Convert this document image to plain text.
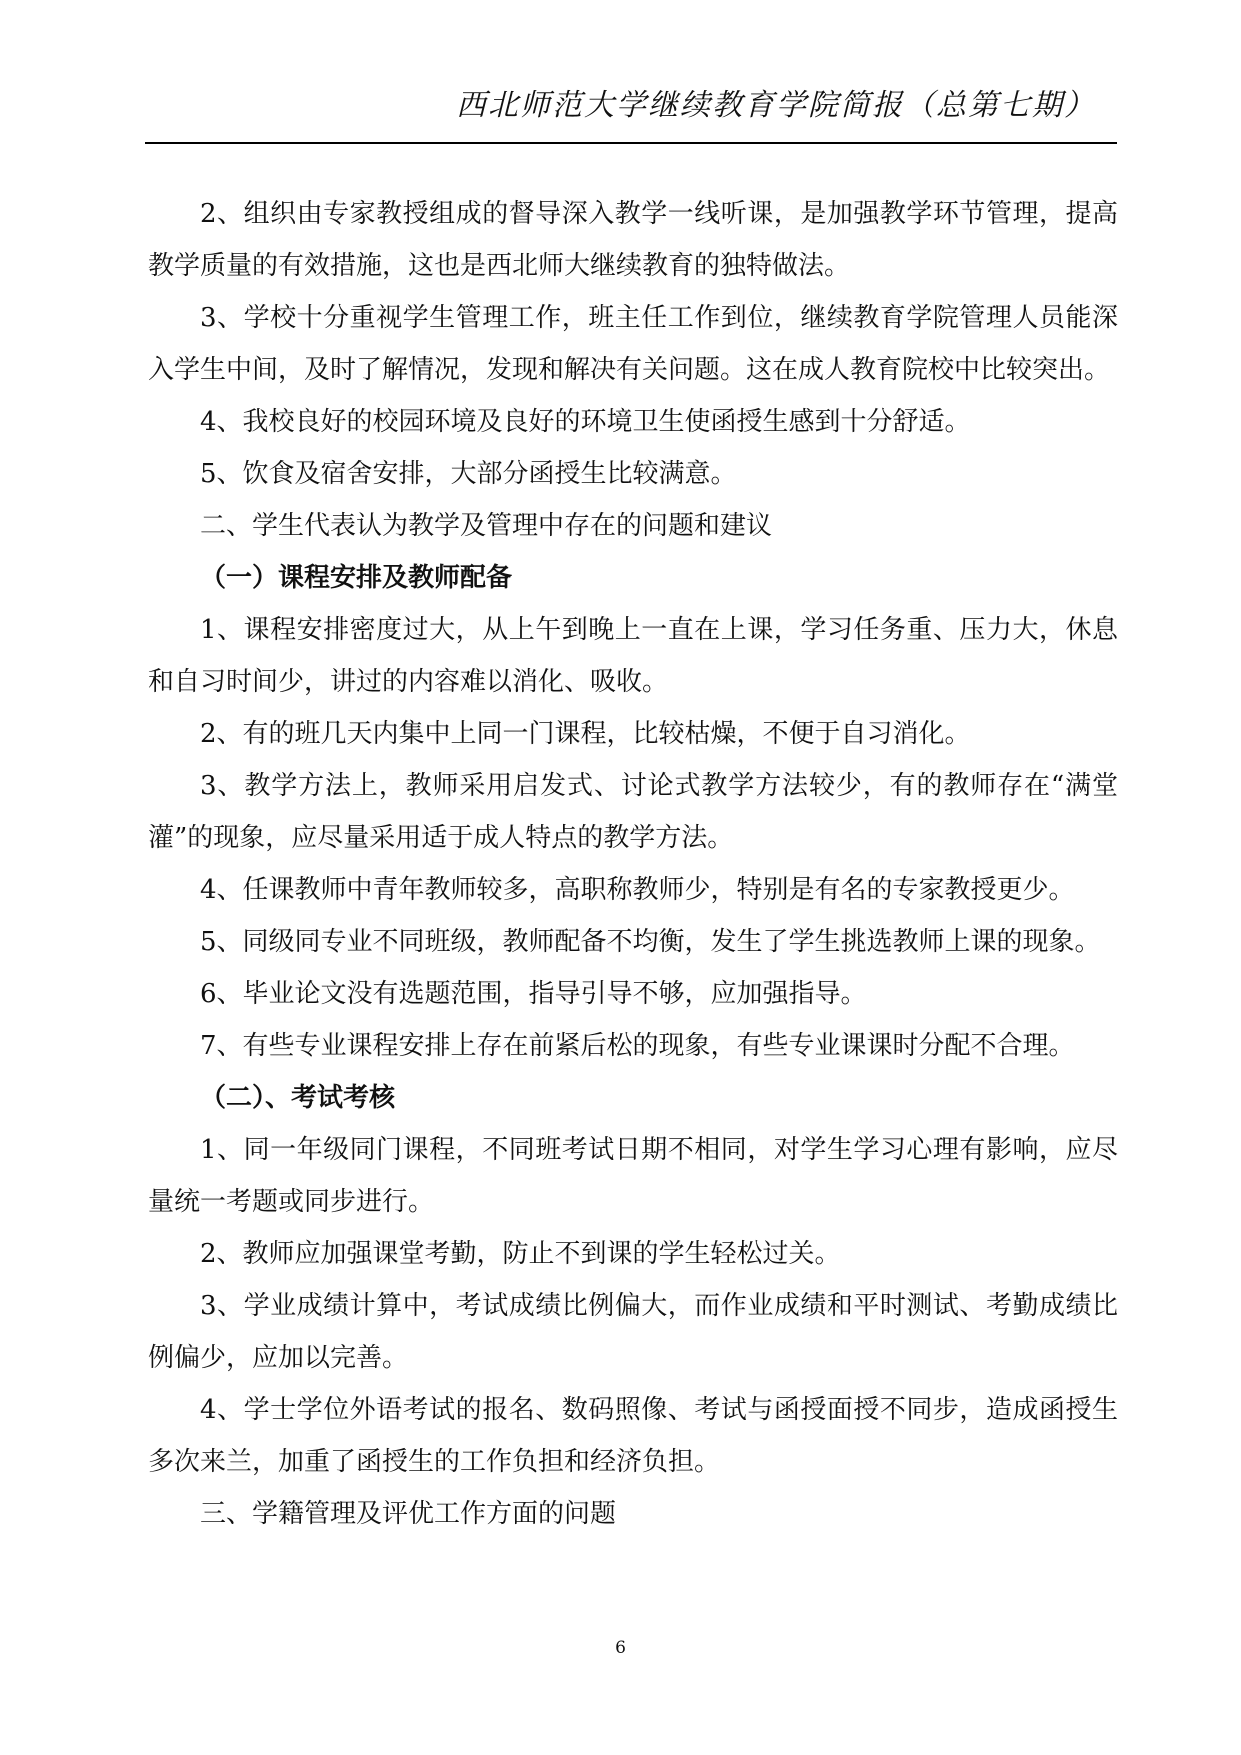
西北师范大学继续教育学院简报（总第七期）

2、组织由专家教授组成的督导深入教学一线听课，是加强教学环节管理，提高教学质量的有效措施，这也是西北师大继续教育的独特做法。

3、学校十分重视学生管理工作，班主任工作到位，继续教育学院管理人员能深入学生中间，及时了解情况，发现和解决有关问题。这在成人教育院校中比较突出。

4、我校良好的校园环境及良好的环境卫生使函授生感到十分舒适。

5、饮食及宿舍安排，大部分函授生比较满意。

二、学生代表认为教学及管理中存在的问题和建议

（一）课程安排及教师配备

1、课程安排密度过大，从上午到晚上一直在上课，学习任务重、压力大，休息和自习时间少，讲过的内容难以消化、吸收。

2、有的班几天内集中上同一门课程，比较枯燥，不便于自习消化。

3、教学方法上，教师采用启发式、讨论式教学方法较少，有的教师存在“满堂灌”的现象，应尽量采用适于成人特点的教学方法。

4、任课教师中青年教师较多，高职称教师少，特别是有名的专家教授更少。

5、同级同专业不同班级，教师配备不均衡，发生了学生挑选教师上课的现象。

6、毕业论文没有选题范围，指导引导不够，应加强指导。

7、有些专业课程安排上存在前紧后松的现象，有些专业课课时分配不合理。

（二）、考试考核

1、同一年级同门课程，不同班考试日期不相同，对学生学习心理有影响，应尽量统一考题或同步进行。

2、教师应加强课堂考勤，防止不到课的学生轻松过关。

3、学业成绩计算中，考试成绩比例偏大，而作业成绩和平时测试、考勤成绩比例偏少，应加以完善。

4、学士学位外语考试的报名、数码照像、考试与函授面授不同步，造成函授生多次来兰，加重了函授生的工作负担和经济负担。

三、学籍管理及评优工作方面的问题

6
